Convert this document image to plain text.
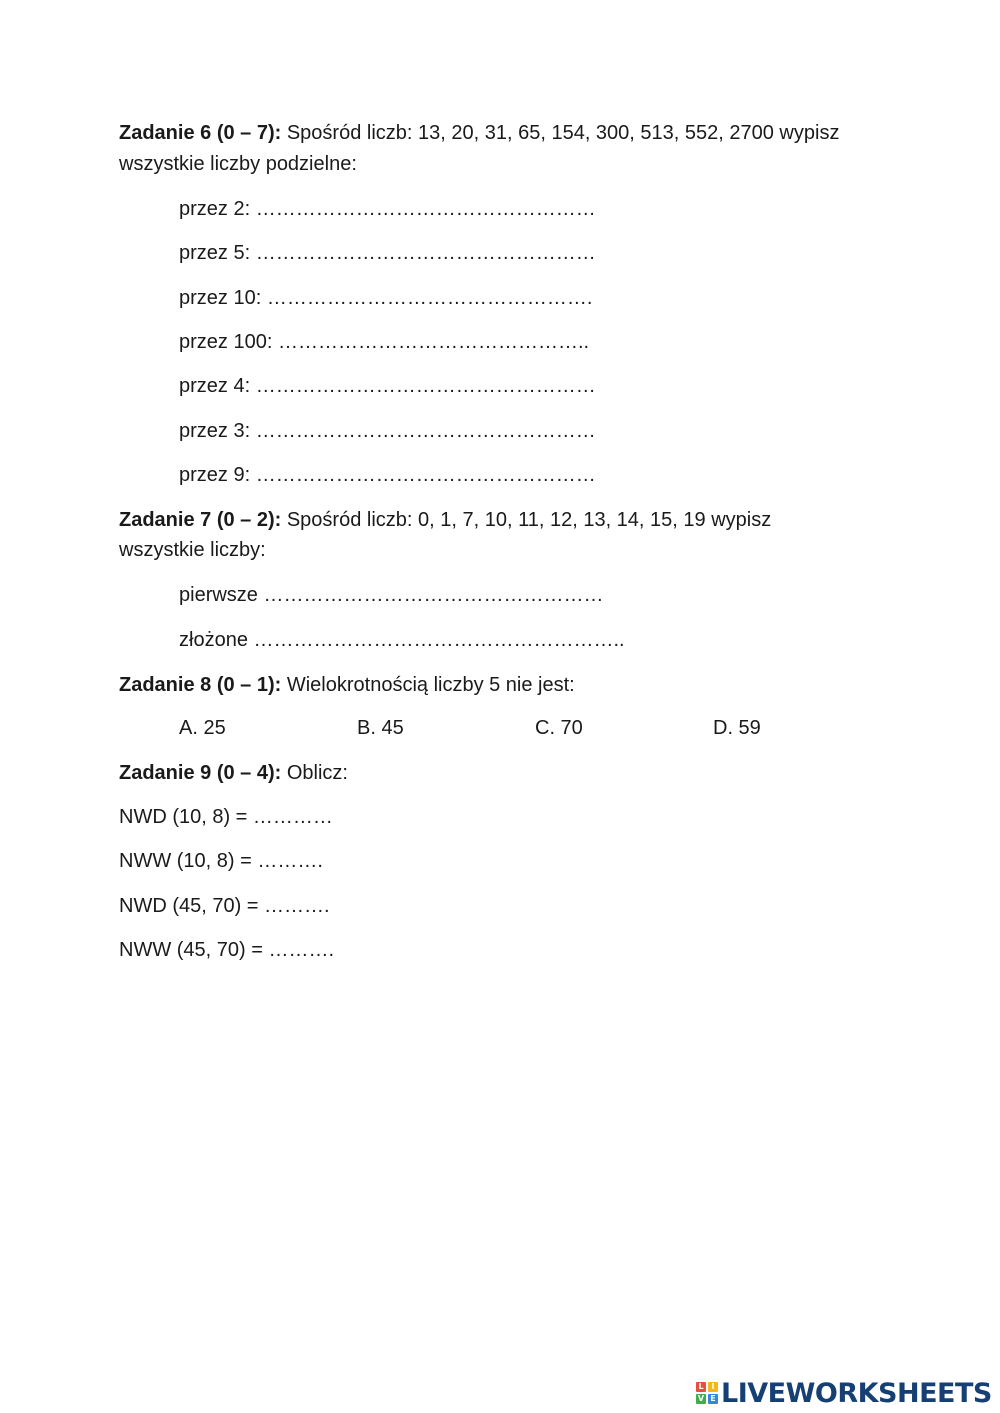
Zadanie 6 (0 – 7): Spośród liczb: 13, 20, 31, 65, 154, 300, 513, 552, 2700 wypisz
wszystkie liczby podzielne:
przez 2: ……………………………………………
przez 5: ……………………………………………
przez 10: ………………………………………….
przez 100: ………………………………………..
przez 4: ……………………………………………
przez 3: ……………………………………………
przez 9: ……………………………………………
Zadanie 7 (0 – 2): Spośród liczb: 0, 1, 7, 10, 11, 12, 13, 14, 15, 19 wypisz
wszystkie liczby:
pierwsze ……………………………………………
złożone ………………………………………………..
Zadanie 8 (0 – 1): Wielokrotnością liczby 5 nie jest:
A. 25	B. 45	C. 70	D. 59
Zadanie 9 (0 – 4): Oblicz:
NWD (10, 8) = …………
NWW (10, 8) = ……….
NWD (45, 70) = ……….
NWW (45, 70) = ……….
L I
V E LIVEWORKSHEETS
